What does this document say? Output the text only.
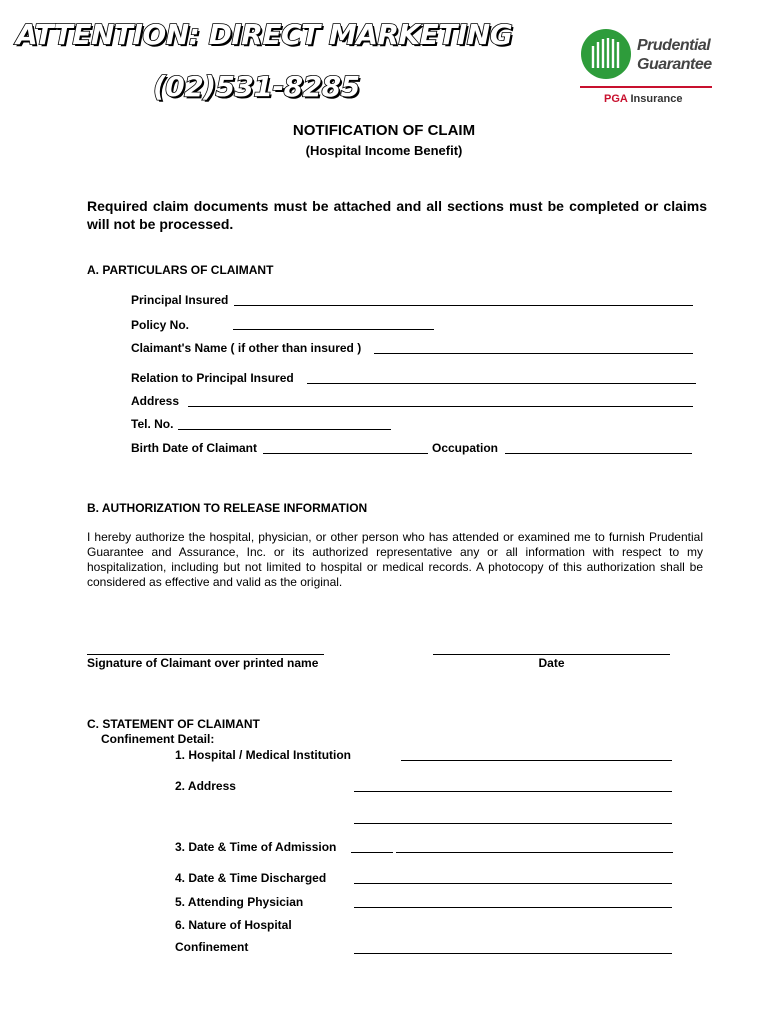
ATTENTION: DIRECT MARKETING
(02)531-8285
Prudential
Guarantee
PGA Insurance
NOTIFICATION OF CLAIM
(Hospital Income Benefit)
Required claim documents must be attached and all sections must be completed or claims will not be processed.
A. PARTICULARS OF CLAIMANT
Principal Insured
Policy No.
Claimant's Name ( if other than insured )
Relation to Principal Insured
Address
Tel. No.
Birth Date of Claimant	Occupation
B. AUTHORIZATION TO RELEASE INFORMATION
I hereby authorize the hospital, physician, or other person who has attended or examined me to furnish Prudential Guarantee and Assurance, Inc. or its authorized representative any or all information with respect to my hospitalization, including but not limited to hospital or medical records. A photocopy of this authorization shall be considered as effective and valid as the original.
Signature of Claimant over printed name	Date
C. STATEMENT OF CLAIMANT
Confinement Detail:
1. Hospital / Medical Institution
2. Address
3. Date & Time of Admission
4. Date & Time Discharged
5. Attending Physician
6. Nature of Hospital
Confinement
